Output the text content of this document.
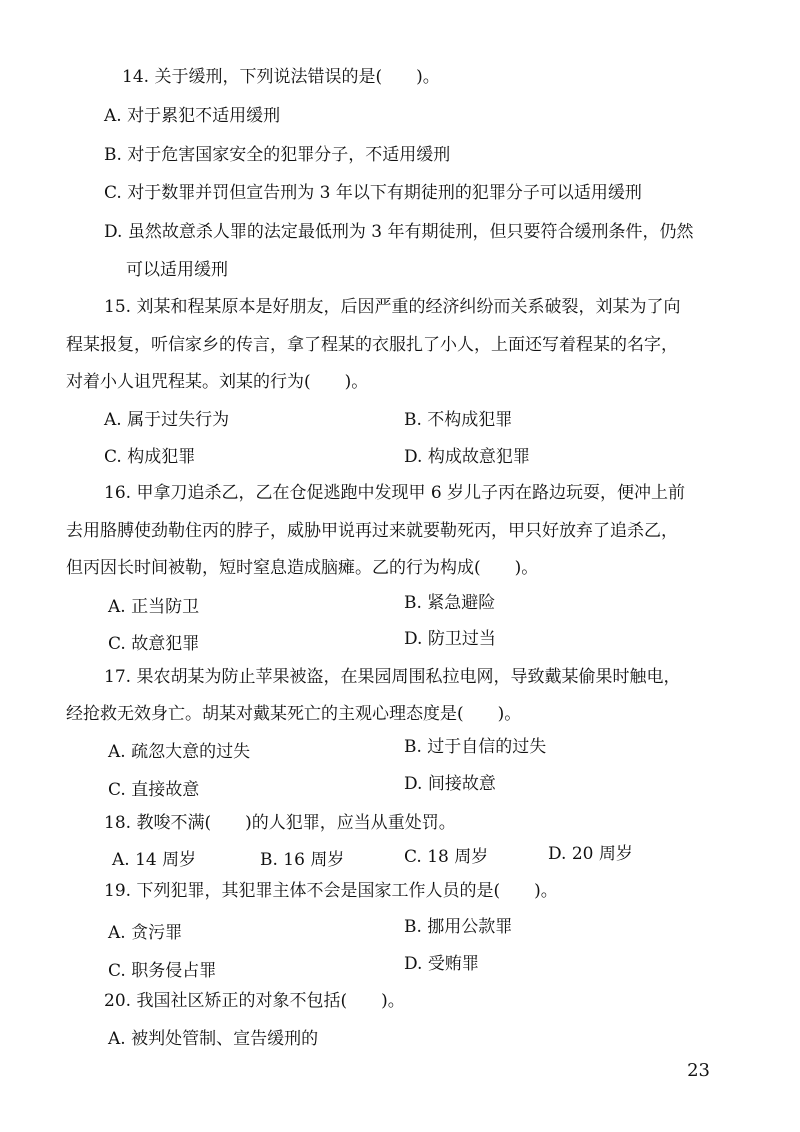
14. 关于缓刑，下列说法错误的是(　　)。
A. 对于累犯不适用缓刑
B. 对于危害国家安全的犯罪分子，不适用缓刑
C. 对于数罪并罚但宣告刑为 3 年以下有期徒刑的犯罪分子可以适用缓刑
D. 虽然故意杀人罪的法定最低刑为 3 年有期徒刑，但只要符合缓刑条件，仍然
可以适用缓刑
15. 刘某和程某原本是好朋友，后因严重的经济纠纷而关系破裂，刘某为了向
程某报复，听信家乡的传言，拿了程某的衣服扎了小人，上面还写着程某的名字，
对着小人诅咒程某。刘某的行为(　　)。
A. 属于过失行为	B. 不构成犯罪
C. 构成犯罪	D. 构成故意犯罪
16. 甲拿刀追杀乙，乙在仓促逃跑中发现甲 6 岁儿子丙在路边玩耍，便冲上前
去用胳膊使劲勒住丙的脖子，威胁甲说再过来就要勒死丙，甲只好放弃了追杀乙，
但丙因长时间被勒，短时窒息造成脑瘫。乙的行为构成(　　)。
A. 正当防卫	B. 紧急避险
C. 故意犯罪	D. 防卫过当
17. 果农胡某为防止苹果被盗，在果园周围私拉电网，导致戴某偷果时触电，
经抢救无效身亡。胡某对戴某死亡的主观心理态度是(　　)。
A. 疏忽大意的过失	B. 过于自信的过失
C. 直接故意	D. 间接故意
18. 教唆不满(　　)的人犯罪，应当从重处罚。
A. 14 周岁	B. 16 周岁	C. 18 周岁	D. 20 周岁
19. 下列犯罪，其犯罪主体不会是国家工作人员的是(　　)。
A. 贪污罪	B. 挪用公款罪
C. 职务侵占罪	D. 受贿罪
20. 我国社区矫正的对象不包括(　　)。
A. 被判处管制、宣告缓刑的
23
